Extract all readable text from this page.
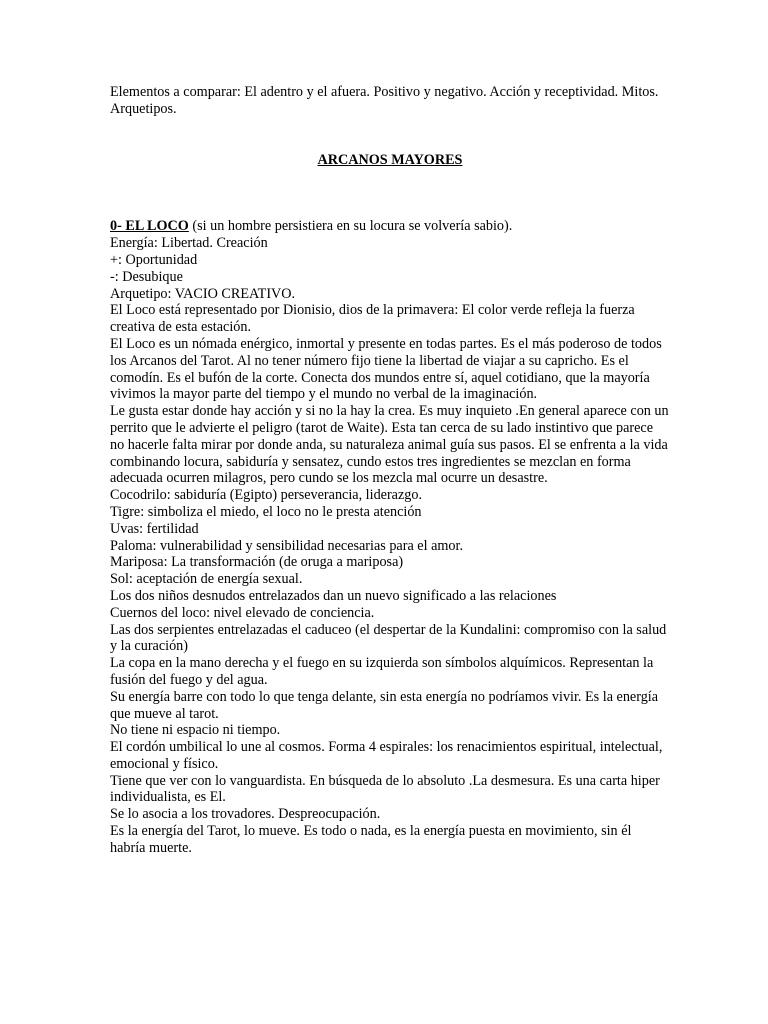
Elementos a comparar: El adentro y el afuera. Positivo y negativo. Acción y receptividad. Mitos. Arquetipos.

ARCANOS MAYORES

0- EL LOCO (si un hombre persistiera en su locura se volvería sabio).

Energía: Libertad. Creación

+: Oportunidad

-: Desubique

Arquetipo: VACIO CREATIVO.

El Loco está representado por Dionisio, dios de la primavera: El color verde refleja la fuerza creativa de esta estación.

El Loco es un nómada enérgico, inmortal y presente en todas partes. Es el más poderoso de todos los Arcanos del Tarot. Al no tener número fijo tiene la libertad de viajar a su capricho. Es el comodín. Es el bufón de la corte. Conecta dos mundos entre sí, aquel cotidiano, que la mayoría vivimos la mayor parte del tiempo y el mundo no verbal de la imaginación.

Le gusta estar donde hay acción y si no la hay la crea. Es muy inquieto .En general aparece con un perrito que le advierte el peligro (tarot de Waite). Esta tan cerca de su lado instintivo que parece no hacerle falta mirar por donde anda, su naturaleza animal guía sus pasos. El se enfrenta a la vida combinando locura, sabiduría y sensatez, cundo estos tres ingredientes se mezclan en forma adecuada ocurren milagros, pero cundo se los mezcla mal ocurre un desastre.

Cocodrilo: sabiduría (Egipto) perseverancia, liderazgo.

Tigre: simboliza el miedo, el loco no le presta atención

Uvas: fertilidad

Paloma: vulnerabilidad y sensibilidad necesarias para el amor.

Mariposa: La transformación (de oruga a mariposa)

Sol: aceptación de energía sexual.

Los dos niños desnudos entrelazados dan un nuevo significado a las relaciones

Cuernos del loco: nivel elevado de conciencia.

Las dos serpientes entrelazadas el caduceo (el despertar de la Kundalini: compromiso con la salud y la curación)

La copa en la mano derecha y el fuego en su izquierda son símbolos alquímicos. Representan la fusión del fuego y del agua.

Su energía barre con todo lo que tenga delante, sin esta energía no podríamos vivir. Es la energía que mueve al tarot.

No tiene ni espacio ni tiempo.

El cordón umbilical lo une al cosmos. Forma 4 espirales: los renacimientos espiritual, intelectual, emocional y físico.

Tiene que ver con lo vanguardista. En búsqueda de lo absoluto .La desmesura. Es una carta hiper individualista, es El.

Se lo asocia a los trovadores. Despreocupación.

Es la energía del Tarot, lo mueve. Es todo o nada, es la energía puesta en movimiento, sin él habría muerte.
